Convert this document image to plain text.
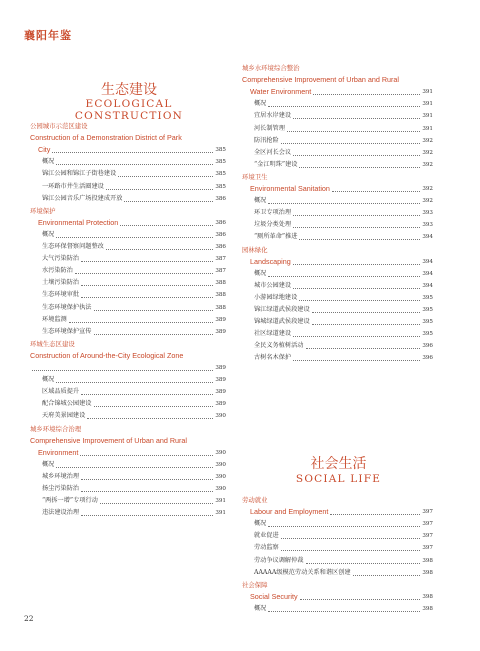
襄阳年鉴
生态建设
ECOLOGICAL CONSTRUCTION
社会生活
SOCIAL LIFE
公园城市示范区建设
Construction of a Demonstration District of Park
City	385
概况	385
锦江公园和锦江子街巷建设	385
一环路市井生活圈建设	385
锦江公园音乐广场投建成开放	386
环境保护
Environmental Protection	386
概况	386
生态环保督察问题整改	386
大气污染防治	387
水污染防治	387
土壤污染防治	388
生态环境审批	388
生态环境保护执法	388
环境监测	389
生态环境保护宣传	389
环城生态区建设
Construction of Around-the-City Ecological Zone
389
概况	389
区域品质提升	389
配合锦城公园建设	389
天府美景园建设	390
城乡环境综合治理
Comprehensive Improvement of Urban and Rural
Environment	390
概况	390
城乡环境治理	390
扬尘污染防治	390
“两拆一增”专项行动	391
违法建设治理	391
城乡水环境综合整治
Comprehensive Improvement of Urban and Rural
Water Environment	391
概况	391
宜居水岸建设	391
河长制管理	391
防汛抢险	392
全区河长会议	392
“金江明珠”建设	392
环境卫生
Environmental Sanitation	392
概况	392
环卫专项治理	393
垃圾分类处理	393
“厕所革命”推进	394
园林绿化
Landscaping	394
概况	394
城市公园建设	394
小游园绿地建设	395
锦江绿道武侯段建设	395
锦城绿道武侯段建设	395
社区绿道建设	395
全民义务植树活动	396
古树名木保护	396
劳动就业
Labour and Employment	397
概况	397
就业促进	397
劳动监察	397
劳动争议调解仲裁	398
AAAAA级模范劳动关系和谐区创建	398
社会保障
Social Security	398
概况	398
22
